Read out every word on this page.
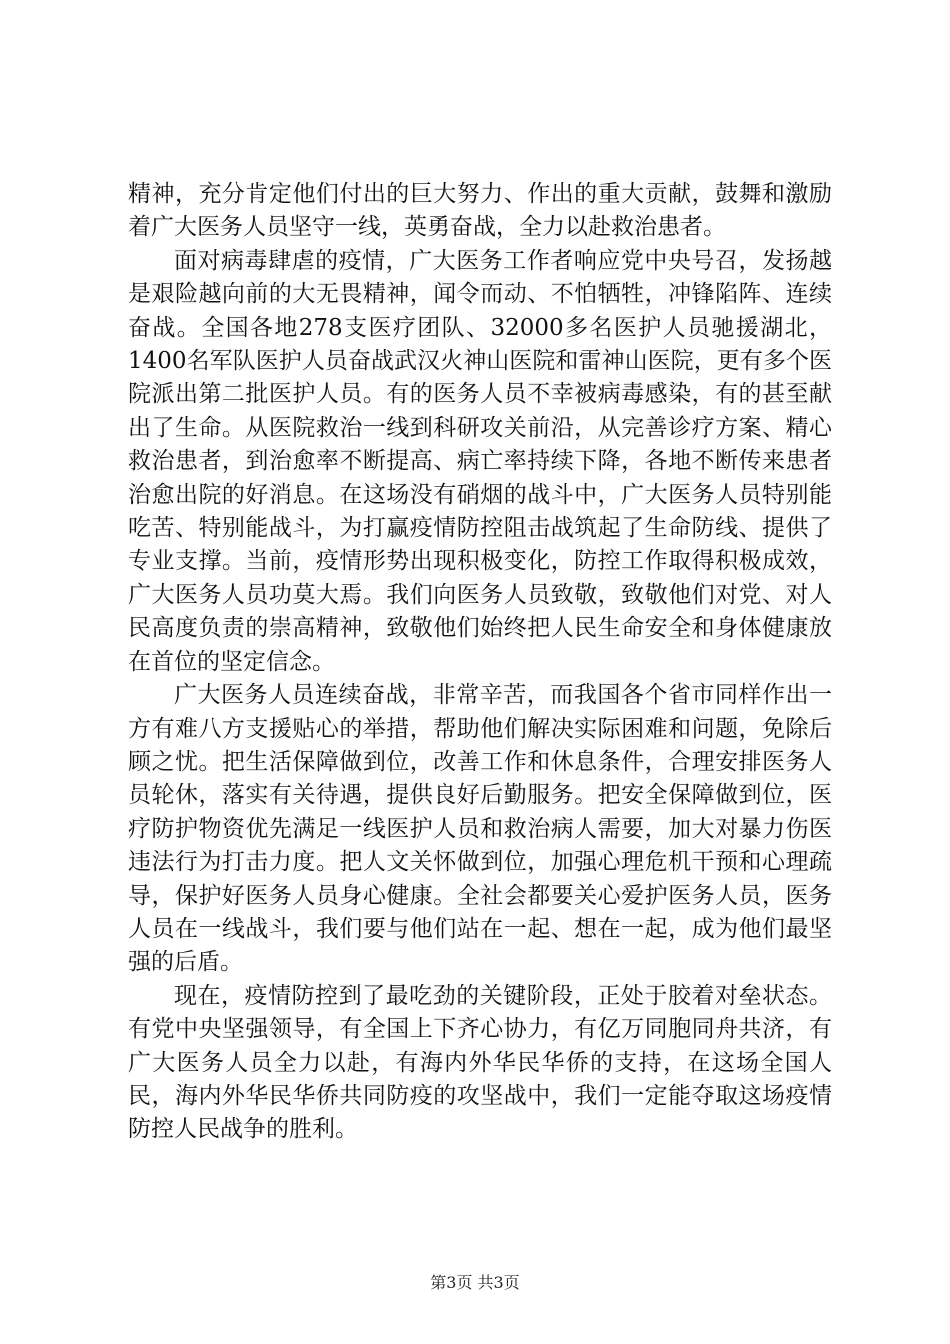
精神，充分肯定他们付出的巨大努力、作出的重大贡献，鼓舞和激励着广大医务人员坚守一线，英勇奋战，全力以赴救治患者。

面对病毒肆虐的疫情，广大医务工作者响应党中央号召，发扬越是艰险越向前的大无畏精神，闻令而动、不怕牺牲，冲锋陷阵、连续奋战。全国各地278支医疗团队、32000多名医护人员驰援湖北，1400名军队医护人员奋战武汉火神山医院和雷神山医院，更有多个医院派出第二批医护人员。有的医务人员不幸被病毒感染，有的甚至献出了生命。从医院救治一线到科研攻关前沿，从完善诊疗方案、精心救治患者，到治愈率不断提高、病亡率持续下降，各地不断传来患者治愈出院的好消息。在这场没有硝烟的战斗中，广大医务人员特别能吃苦、特别能战斗，为打赢疫情防控阻击战筑起了生命防线、提供了专业支撑。当前，疫情形势出现积极变化，防控工作取得积极成效，广大医务人员功莫大焉。我们向医务人员致敬，致敬他们对党、对人民高度负责的崇高精神，致敬他们始终把人民生命安全和身体健康放在首位的坚定信念。

广大医务人员连续奋战，非常辛苦，而我国各个省市同样作出一方有难八方支援贴心的举措，帮助他们解决实际困难和问题，免除后顾之忧。把生活保障做到位，改善工作和休息条件，合理安排医务人员轮休，落实有关待遇，提供良好后勤服务。把安全保障做到位，医疗防护物资优先满足一线医护人员和救治病人需要，加大对暴力伤医违法行为打击力度。把人文关怀做到位，加强心理危机干预和心理疏导，保护好医务人员身心健康。全社会都要关心爱护医务人员，医务人员在一线战斗，我们要与他们站在一起、想在一起，成为他们最坚强的后盾。

现在，疫情防控到了最吃劲的关键阶段，正处于胶着对垒状态。有党中央坚强领导，有全国上下齐心协力，有亿万同胞同舟共济，有广大医务人员全力以赴，有海内外华民华侨的支持，在这场全国人民，海内外华民华侨共同防疫的攻坚战中，我们一定能夺取这场疫情防控人民战争的胜利。

第3页 共3页
